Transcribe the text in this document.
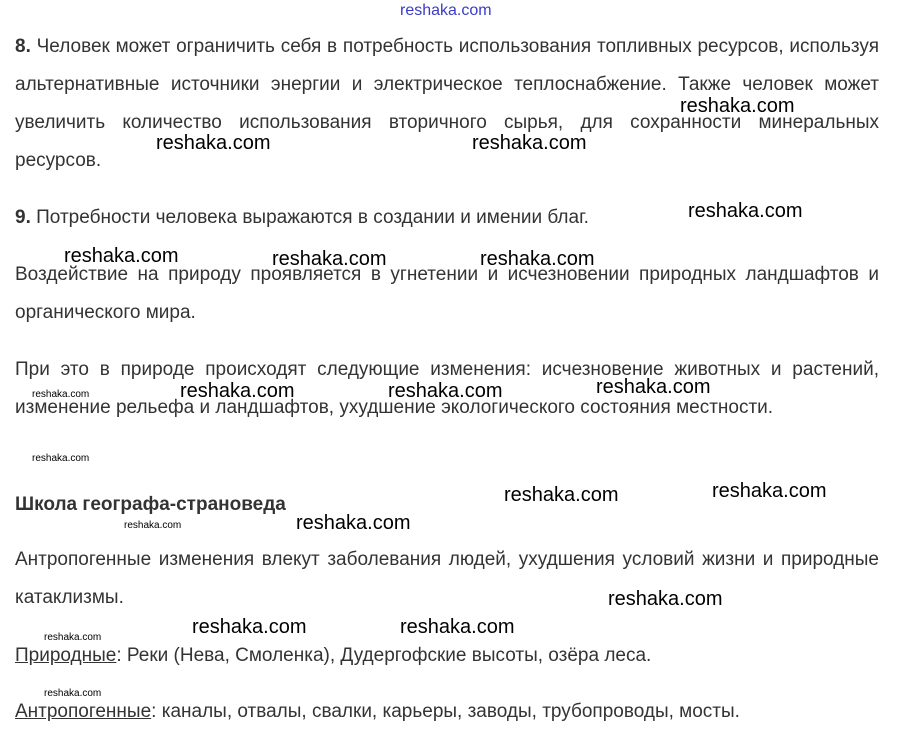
reshaka.com

8. Человек может ограничить себя в потребность использования топливных ресурсов, используя альтернативные источники энергии и электрическое теплоснабжение. Также человек может увеличить количество использования вторичного сырья, для сохранности минеральных ресурсов.

9. Потребности человека выражаются в создании и имении благ.

Воздействие на природу проявляется в угнетении и исчезновении природных ландшафтов и органического мира.

При это в природе происходят следующие изменения: исчезновение животных и растений, изменение рельефа и ландшафтов, ухудшение экологического состояния местности.

Школа географа-страноведа

Антропогенные изменения влекут заболевания людей, ухудшения условий жизни и природные катаклизмы.

Природные: Реки (Нева, Смоленка), Дудергофские высоты, озёра леса.

Антропогенные: каналы, отвалы, свалки, карьеры, заводы, трубопроводы, мосты.

reshaka.com
reshaka.com	reshaka.com
reshaka.com
reshaka.com	reshaka.com	reshaka.com
reshaka.com	reshaka.com	reshaka.com
reshaka.com	reshaka.com
reshaka.com
reshaka.com
reshaka.com	reshaka.com
reshaka.com
reshaka.com
reshaka.com
reshaka.com
reshaka.com
